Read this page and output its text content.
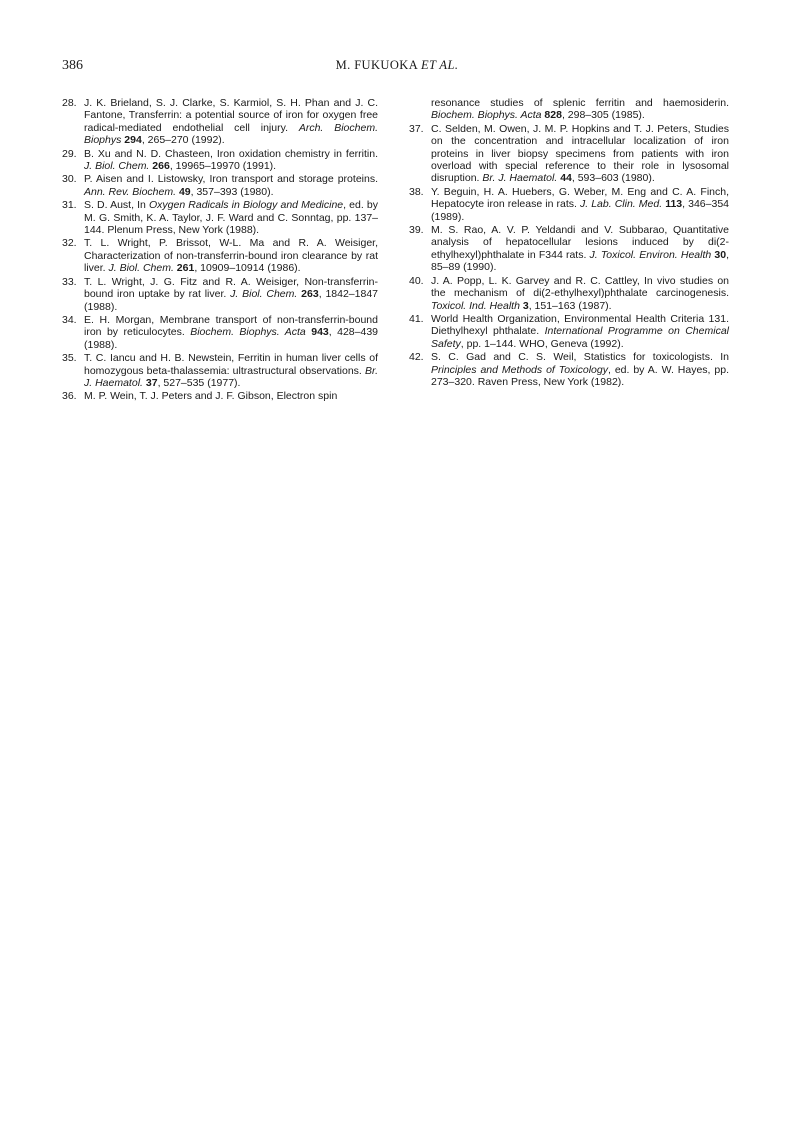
386	M. FUKUOKA ET AL.
28. J. K. Brieland, S. J. Clarke, S. Karmiol, S. H. Phan and J. C. Fantone, Transferrin: a potential source of iron for oxygen free radical-mediated endothelial cell injury. Arch. Biochem. Biophys 294, 265–270 (1992).
29. B. Xu and N. D. Chasteen, Iron oxidation chemistry in ferritin. J. Biol. Chem. 266, 19965–19970 (1991).
30. P. Aisen and I. Listowsky, Iron transport and storage proteins. Ann. Rev. Biochem. 49, 357–393 (1980).
31. S. D. Aust, In Oxygen Radicals in Biology and Medicine, ed. by M. G. Smith, K. A. Taylor, J. F. Ward and C. Sonntag, pp. 137–144. Plenum Press, New York (1988).
32. T. L. Wright, P. Brissot, W-L. Ma and R. A. Weisiger, Characterization of non-transferrin-bound iron clearance by rat liver. J. Biol. Chem. 261, 10909–10914 (1986).
33. T. L. Wright, J. G. Fitz and R. A. Weisiger, Non-transferrin-bound iron uptake by rat liver. J. Biol. Chem. 263, 1842–1847 (1988).
34. E. H. Morgan, Membrane transport of non-transferrin-bound iron by reticulocytes. Biochem. Biophys. Acta 943, 428–439 (1988).
35. T. C. Iancu and H. B. Newstein, Ferritin in human liver cells of homozygous beta-thalassemia: ultrastructural observations. Br. J. Haematol. 37, 527–535 (1977).
36. M. P. Wein, T. J. Peters and J. F. Gibson, Electron spin
resonance studies of splenic ferritin and haemosiderin. Biochem. Biophys. Acta 828, 298–305 (1985).
37. C. Selden, M. Owen, J. M. P. Hopkins and T. J. Peters, Studies on the concentration and intracellular localization of iron proteins in liver biopsy specimens from patients with iron overload with special reference to their role in lysosomal disruption. Br. J. Haematol. 44, 593–603 (1980).
38. Y. Beguin, H. A. Huebers, G. Weber, M. Eng and C. A. Finch, Hepatocyte iron release in rats. J. Lab. Clin. Med. 113, 346–354 (1989).
39. M. S. Rao, A. V. P. Yeldandi and V. Subbarao, Quantitative analysis of hepatocellular lesions induced by di(2-ethylhexyl)phthalate in F344 rats. J. Toxicol. Environ. Health 30, 85–89 (1990).
40. J. A. Popp, L. K. Garvey and R. C. Cattley, In vivo studies on the mechanism of di(2-ethylhexyl)phthalate carcinogenesis. Toxicol. Ind. Health 3, 151–163 (1987).
41. World Health Organization, Environmental Health Criteria 131. Diethylhexyl phthalate. International Programme on Chemical Safety, pp. 1–144. WHO, Geneva (1992).
42. S. C. Gad and C. S. Weil, Statistics for toxicologists. In Principles and Methods of Toxicology, ed. by A. W. Hayes, pp. 273–320. Raven Press, New York (1982).
